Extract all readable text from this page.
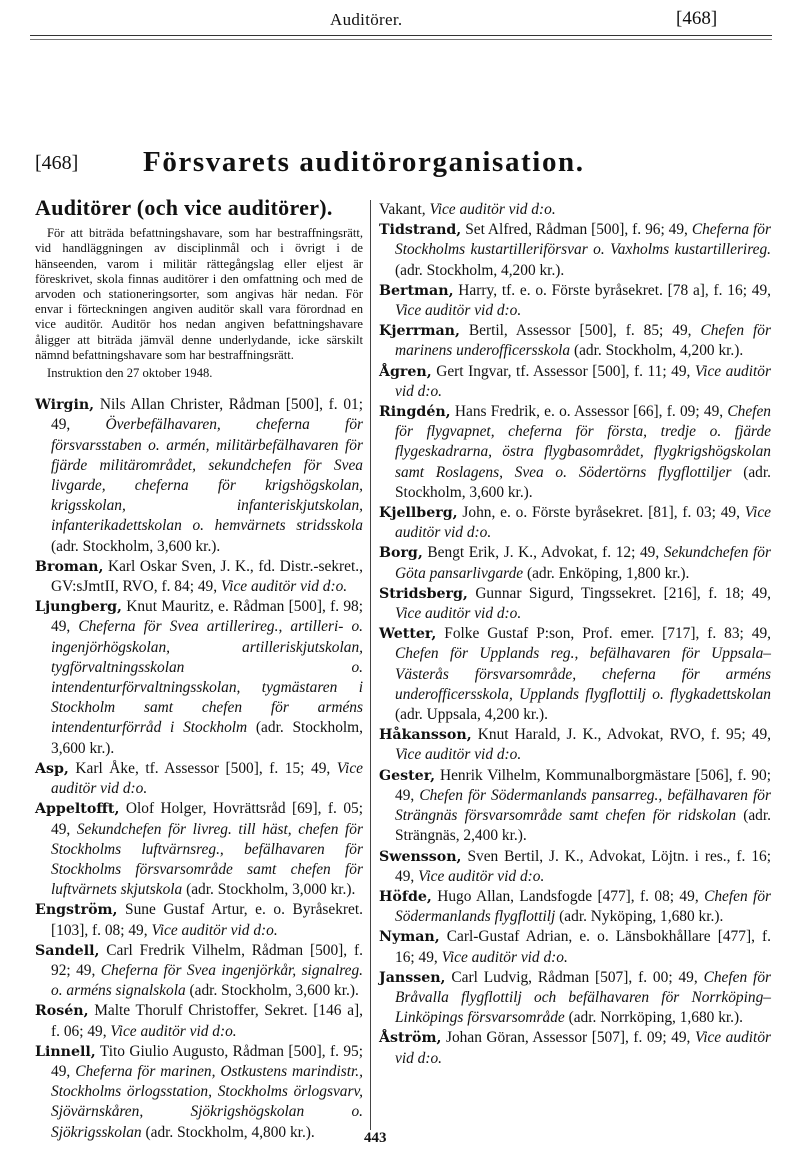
Auditörer.	[468]
[468] Försvarets auditörorganisation.
Auditörer (och vice auditörer).

För att biträda befattningshavare, som har bestraffningsrätt, vid handläggningen av disciplinmål och i övrigt i de hänseenden, varom i militär rättegångslag eller eljest är föreskrivet, skola finnas auditörer i den omfattning och med de arvoden och stationeringsorter, som angivas här nedan. För envar i förteckningen angiven auditör skall vara förordnad en vice auditör. Auditör hos nedan angiven befattningshavare åligger att biträda jämväl denne underlydande, icke särskilt nämnd befattningshavare som har bestraffningsrätt.

Instruktion den 27 oktober 1948.

Wirgin, Nils Allan Christer, Rådman [500], f. 01; 49, Överbefälhavaren, cheferna för försvarsstaben o. armén, militärbefälhavaren för fjärde militärområdet, sekundchefen för Svea livgarde, cheferna för krigshögskolan, krigsskolan, infanteriskjutskolan, infanterikadettskolan o. hemvärnets stridsskola (adr. Stockholm, 3,600 kr.).

Broman, Karl Oskar Sven, J. K., fd. Distr.-sekret., GV:sJmtII, RVO, f. 84; 49, Vice auditör vid d:o.

Ljungberg, Knut Mauritz, e. Rådman [500], f. 98; 49, Cheferna för Svea artillerireg., artilleri- o. ingenjörhögskolan, artilleriskjutskolan, tygförvaltningsskolan o. intendenturförvaltningsskolan, tygmästaren i Stockholm samt chefen för arméns intendenturförråd i Stockholm (adr. Stockholm, 3,600 kr.).

Asp, Karl Åke, tf. Assessor [500], f. 15; 49, Vice auditör vid d:o.

Appeltofft, Olof Holger, Hovrättsråd [69], f. 05; 49, Sekundchefen för livreg. till häst, chefen för Stockholms luftvärnsreg., befälhavaren för Stockholms försvarsområde samt chefen för luftvärnets skjutskola (adr. Stockholm, 3,000 kr.).

Engström, Sune Gustaf Artur, e. o. Byråsekret. [103], f. 08; 49, Vice auditör vid d:o.

Sandell, Carl Fredrik Vilhelm, Rådman [500], f. 92; 49, Cheferna för Svea ingenjörkår, signalreg. o. arméns signalskola (adr. Stockholm, 3,600 kr.).

Rosén, Malte Thorulf Christoffer, Sekret. [146 a], f. 06; 49, Vice auditör vid d:o.

Linnell, Tito Giulio Augusto, Rådman [500], f. 95; 49, Cheferna för marinen, Ostkustens marindistr., Stockholms örlogsstation, Stockholms örlogsvarv, Sjövärnskåren, Sjökrigshögskolan o. Sjökrigsskolan (adr. Stockholm, 4,800 kr.).

Vakant, Vice auditör vid d:o.

Tidstrand, Set Alfred, Rådman [500], f. 96; 49, Cheferna för Stockholms kustartilleriförsvar o. Vaxholms kustartillerireg. (adr. Stockholm, 4,200 kr.).

Bertman, Harry, tf. e. o. Förste byråsekret. [78 a], f. 16; 49, Vice auditör vid d:o.

Kjerrman, Bertil, Assessor [500], f. 85; 49, Chefen för marinens underofficersskola (adr. Stockholm, 4,200 kr.).

Ågren, Gert Ingvar, tf. Assessor [500], f. 11; 49, Vice auditör vid d:o.

Ringdén, Hans Fredrik, e. o. Assessor [66], f. 09; 49, Chefen för flygvapnet, cheferna för första, tredje o. fjärde flygeskadrarna, östra flygbasområdet, flygkrigshögskolan samt Roslagens, Svea o. Södertörns flygflottiljer (adr. Stockholm, 3,600 kr.).

Kjellberg, John, e. o. Förste byråsekret. [81], f. 03; 49, Vice auditör vid d:o.

Borg, Bengt Erik, J. K., Advokat, f. 12; 49, Sekundchefen för Göta pansarlivgarde (adr. Enköping, 1,800 kr.).

Stridsberg, Gunnar Sigurd, Tingssekret. [216], f. 18; 49, Vice auditör vid d:o.

Wetter, Folke Gustaf P:son, Prof. emer. [717], f. 83; 49, Chefen för Upplands reg., befälhavaren för Uppsala–Västerås försvarsområde, cheferna för arméns underofficersskola, Upplands flygflottilj o. flygkadettskolan (adr. Uppsala, 4,200 kr.).

Håkansson, Knut Harald, J. K., Advokat, RVO, f. 95; 49, Vice auditör vid d:o.

Gester, Henrik Vilhelm, Kommunalborgmästare [506], f. 90; 49, Chefen för Södermanlands pansarreg., befälhavaren för Strängnäs försvarsområde samt chefen för ridskolan (adr. Strängnäs, 2,400 kr.).

Swensson, Sven Bertil, J. K., Advokat, Löjtn. i res., f. 16; 49, Vice auditör vid d:o.

Höfde, Hugo Allan, Landsfogde [477], f. 08; 49, Chefen för Södermanlands flygflottilj (adr. Nyköping, 1,680 kr.).

Nyman, Carl-Gustaf Adrian, e. o. Länsbokhållare [477], f. 16; 49, Vice auditör vid d:o.

Janssen, Carl Ludvig, Rådman [507], f. 00; 49, Chefen för Bråvalla flygflottilj och befälhavaren för Norrköping–Linköpings försvarsområde (adr. Norrköping, 1,680 kr.).

Åström, Johan Göran, Assessor [507], f. 09; 49, Vice auditör vid d:o.

443
